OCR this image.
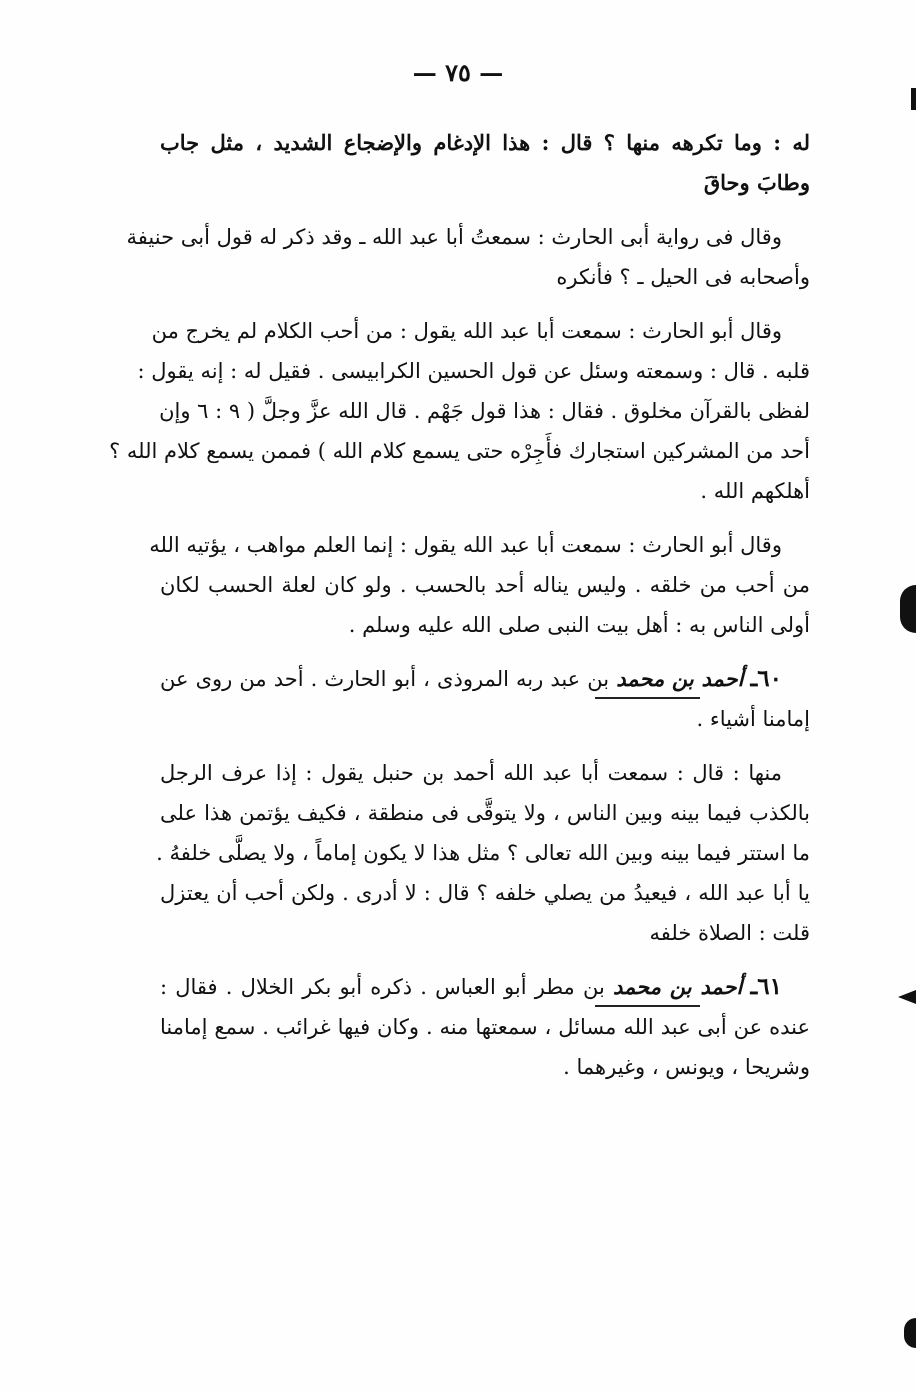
— ٧٥ —
له : وما تكرهه منها ؟ قال : هذا الإدغام والإضجاع الشديد ، مثل جاب
وطابَ وحاقَ
وقال فى رواية أبى الحارث : سمعتُ أبا عبد الله ـ وقد ذكر له قول أبى حنيفة
وأصحابه فى الحيل ـ ؟ فأنكره
وقال أبو الحارث : سمعت أبا عبد الله يقول : من أحب الكلام لم يخرج من
قلبه . قال : وسمعته وسئل عن قول الحسين الكرابيسى . فقيل له : إنه يقول :
لفظى بالقرآن مخلوق . فقال : هذا قول جَهْم . قال الله عزَّ وجلَّ ( ٩ : ٦ وإن
أحد من المشركين استجارك فأَجِرْه حتى يسمع كلام الله ) فممن يسمع كلام الله ؟
أهلكهم الله .
وقال أبو الحارث : سمعت أبا عبد الله يقول : إنما العلم مواهب ، يؤتيه الله
من أحب من خلقه . وليس يناله أحد بالحسب . ولو كان لعلة الحسب لكان
أولى الناس به : أهل بيت النبى صلى الله عليه وسلم .
٦٠ـ أحمد بن محمد بن عبد ربه المروذى ، أبو الحارث . أحد من روى عن
إمامنا أشياء .
منها : قال : سمعت أبا عبد الله أحمد بن حنبل يقول : إذا عرف الرجل
بالكذب فيما بينه وبين الناس ، ولا يتوقَّى فى منطقة ، فكيف يؤتمن هذا على
ما استتر فيما بينه وبين الله تعالى ؟ مثل هذا لا يكون إماماً ، ولا يصلَّى خلفهُ .
يا أبا عبد الله ، فيعيدُ من يصلي خلفه ؟ قال : لا أدرى . ولكن أحب أن يعتزل
قلت : الصلاة خلفه
٦١ـ أحمد بن محمد بن مطر أبو العباس . ذكره أبو بكر الخلال . فقال :
عنده عن أبى عبد الله مسائل ، سمعتها منه . وكان فيها غرائب . سمع إمامنا
وشريحا ، ويونس ، وغيرهما .
